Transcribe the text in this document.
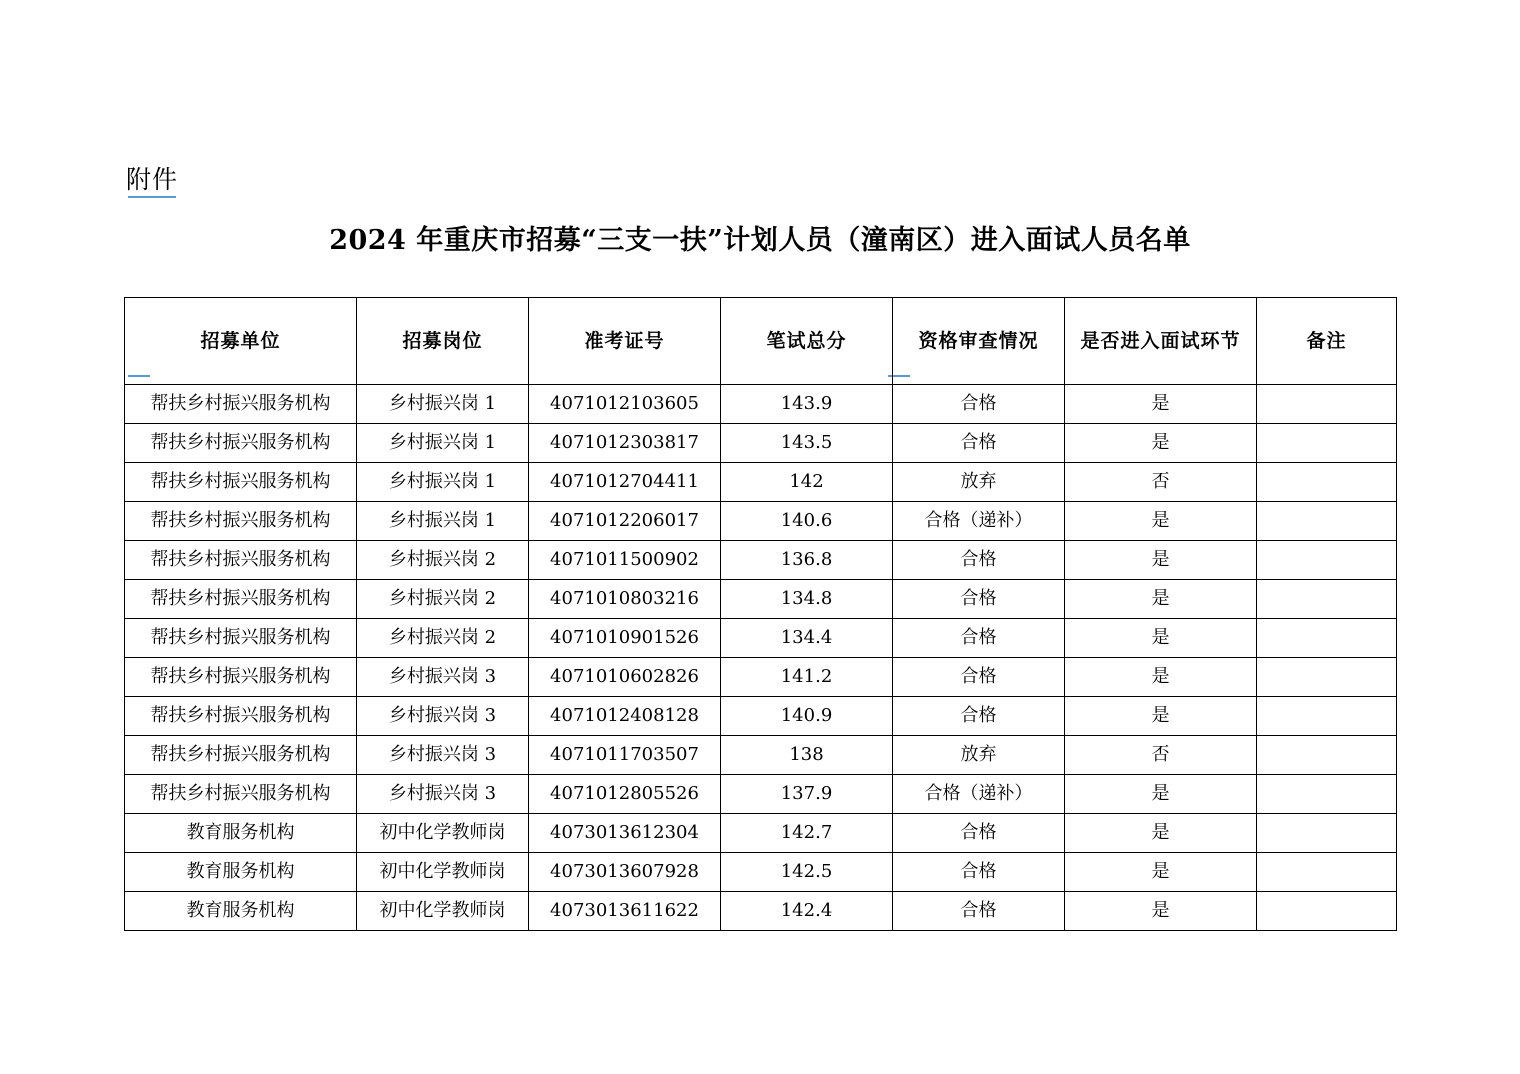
附件
2024 年重庆市招募“三支一扶”计划人员（潼南区）进入面试人员名单
招募单位	招募岗位	准考证号	笔试总分	资格审查情况	是否进入面试环节	备注
帮扶乡村振兴服务机构	乡村振兴岗 1	4071012103605	143.9	合格	是	
帮扶乡村振兴服务机构	乡村振兴岗 1	4071012303817	143.5	合格	是	
帮扶乡村振兴服务机构	乡村振兴岗 1	4071012704411	142	放弃	否	
帮扶乡村振兴服务机构	乡村振兴岗 1	4071012206017	140.6	合格（递补）	是	
帮扶乡村振兴服务机构	乡村振兴岗 2	4071011500902	136.8	合格	是	
帮扶乡村振兴服务机构	乡村振兴岗 2	4071010803216	134.8	合格	是	
帮扶乡村振兴服务机构	乡村振兴岗 2	4071010901526	134.4	合格	是	
帮扶乡村振兴服务机构	乡村振兴岗 3	4071010602826	141.2	合格	是	
帮扶乡村振兴服务机构	乡村振兴岗 3	4071012408128	140.9	合格	是	
帮扶乡村振兴服务机构	乡村振兴岗 3	4071011703507	138	放弃	否	
帮扶乡村振兴服务机构	乡村振兴岗 3	4071012805526	137.9	合格（递补）	是	
教育服务机构	初中化学教师岗	4073013612304	142.7	合格	是	
教育服务机构	初中化学教师岗	4073013607928	142.5	合格	是	
教育服务机构	初中化学教师岗	4073013611622	142.4	合格	是	
